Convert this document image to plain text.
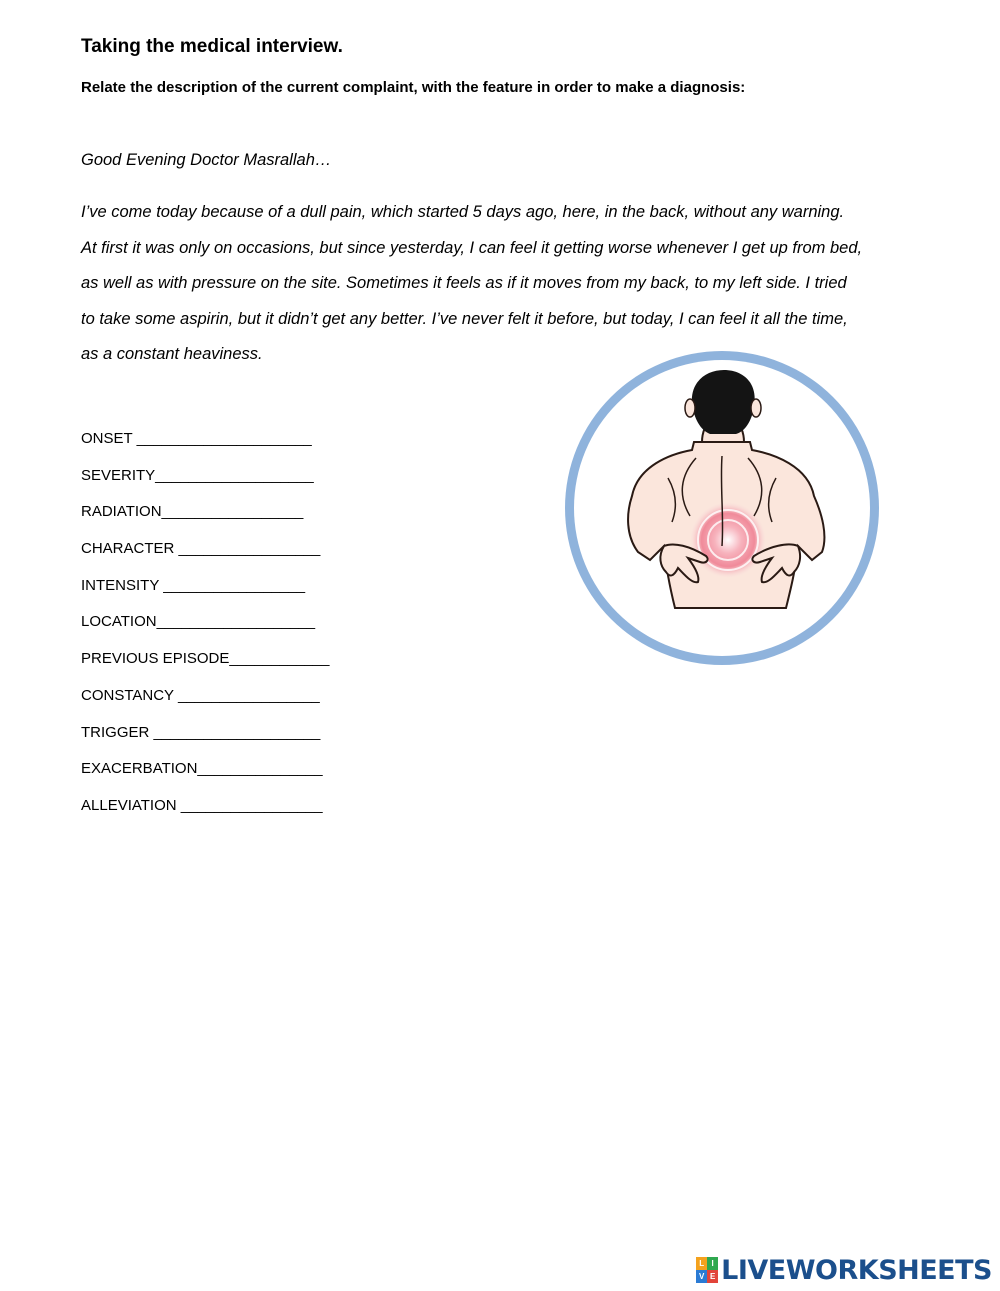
Taking the medical interview.

Relate the description of the current complaint, with the feature in order to make a diagnosis:

Good Evening Doctor Masrallah…

I’ve come today because of a dull pain, which started 5 days ago, here, in the back, without any warning.
At first it was only on occasions, but since yesterday, I can feel it getting worse whenever I get up from bed,
as well as with pressure on the site. Sometimes it feels as if it moves from my back, to my left side. I tried
to take some aspirin, but it didn’t get any better. I’ve never felt it before, but today, I can feel it all the time,
as a constant heaviness.
ONSET _____________________
SEVERITY___________________
RADIATION_________________
CHARACTER _________________
INTENSITY _________________
LOCATION___________________
PREVIOUS EPISODE____________
CONSTANCY _________________
TRIGGER ____________________
EXACERBATION_______________
ALLEVIATION _________________
L I
V E LIVEWORKSHEETS
